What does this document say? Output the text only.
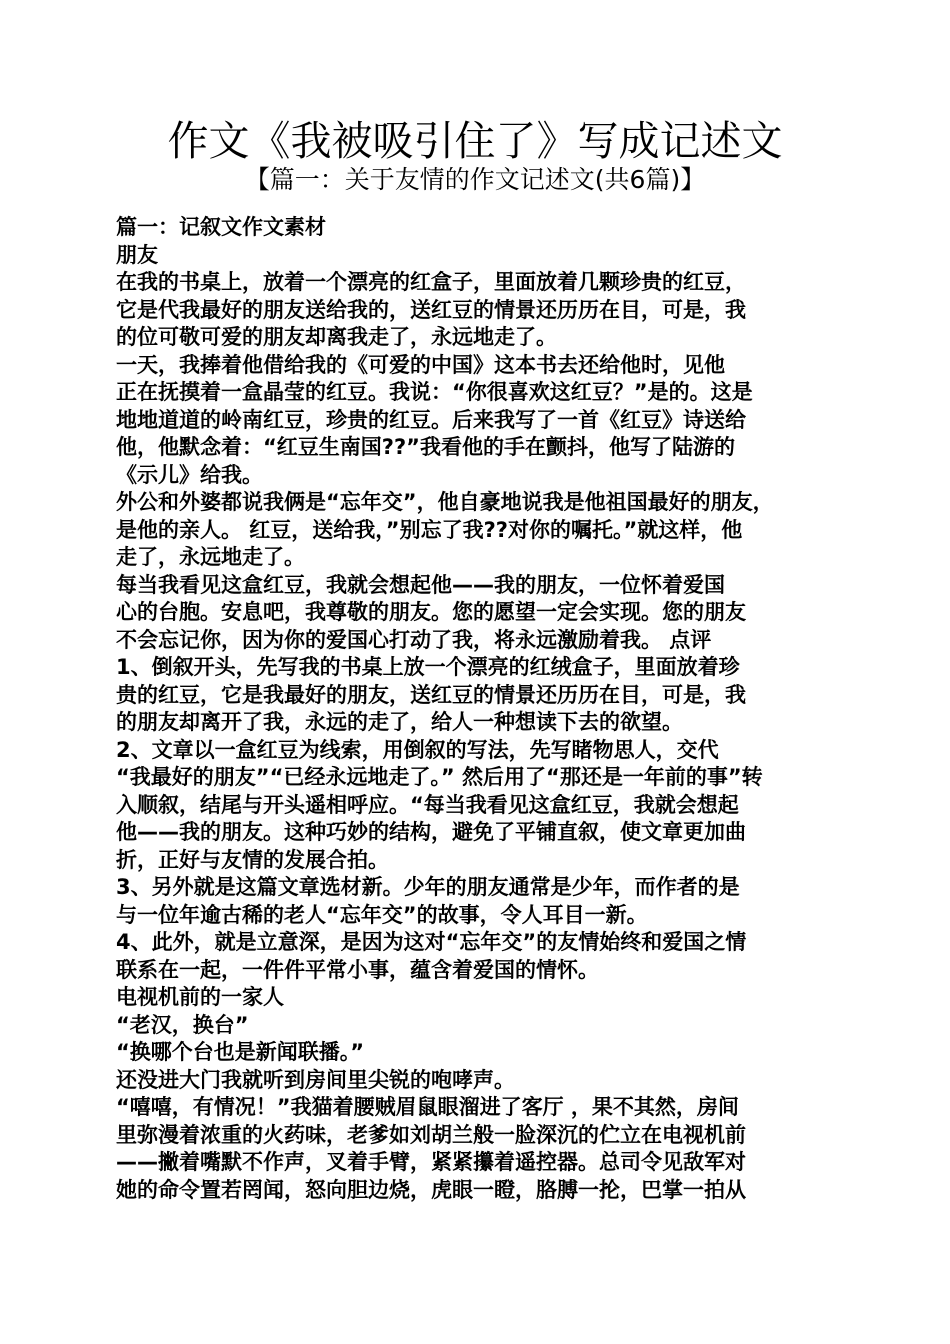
作文《我被吸引住了》写成记述文
【篇一：关于友情的作文记述文(共6篇)】
篇一：记叙文作文素材
朋友
在我的书桌上，放着一个漂亮的红盒子，里面放着几颗珍贵的红豆，
它是代我最好的朋友送给我的，送红豆的情景还历历在目，可是，我
的位可敬可爱的朋友却离我走了，永远地走了。
一天，我捧着他借给我的《可爱的中国》这本书去还给他时，见他
正在抚摸着一盒晶莹的红豆。我说：“你很喜欢这红豆？”是的。这是
地地道道的岭南红豆，珍贵的红豆。后来我写了一首《红豆》诗送给
他，他默念着：“红豆生南国??”我看他的手在颤抖，他写了陆游的
《示儿》给我。
外公和外婆都说我俩是“忘年交”，他自豪地说我是他祖国最好的朋友，
是他的亲人。 红豆，送给我，”别忘了我??对你的嘱托。”就这样，他
走了，永远地走了。
每当我看见这盒红豆，我就会想起他——我的朋友，一位怀着爱国
心的台胞。安息吧，我尊敬的朋友。您的愿望一定会实现。您的朋友
不会忘记你，因为你的爱国心打动了我，将永远激励着我。 点评
1、倒叙开头，先写我的书桌上放一个漂亮的红绒盒子，里面放着珍
贵的红豆，它是我最好的朋友，送红豆的情景还历历在目，可是，我
的朋友却离开了我，永远的走了，给人一种想读下去的欲望。
2、文章以一盒红豆为线索，用倒叙的写法，先写睹物思人，交代
“我最好的朋友”“已经永远地走了。” 然后用了“那还是一年前的事”转
入顺叙，结尾与开头遥相呼应。“每当我看见这盒红豆，我就会想起
他——我的朋友。这种巧妙的结构，避免了平铺直叙，使文章更加曲
折，正好与友情的发展合拍。
3、另外就是这篇文章选材新。少年的朋友通常是少年，而作者的是
与一位年逾古稀的老人“忘年交”的故事，令人耳目一新。
4、此外，就是立意深，是因为这对“忘年交”的友情始终和爱国之情
联系在一起，一件件平常小事，蕴含着爱国的情怀。
电视机前的一家人
“老汉，换台”
“换哪个台也是新闻联播。”
还没进大门我就听到房间里尖锐的咆哮声。
“嘻嘻，有情况！”我猫着腰贼眉鼠眼溜进了客厅 ，果不其然，房间
里弥漫着浓重的火药味，老爹如刘胡兰般一脸深沉的伫立在电视机前
——撇着嘴默不作声，叉着手臂，紧紧攥着遥控器。总司令见敌军对
她的命令置若罔闻，怒向胆边烧，虎眼一瞪，胳膊一抡，巴掌一拍从
